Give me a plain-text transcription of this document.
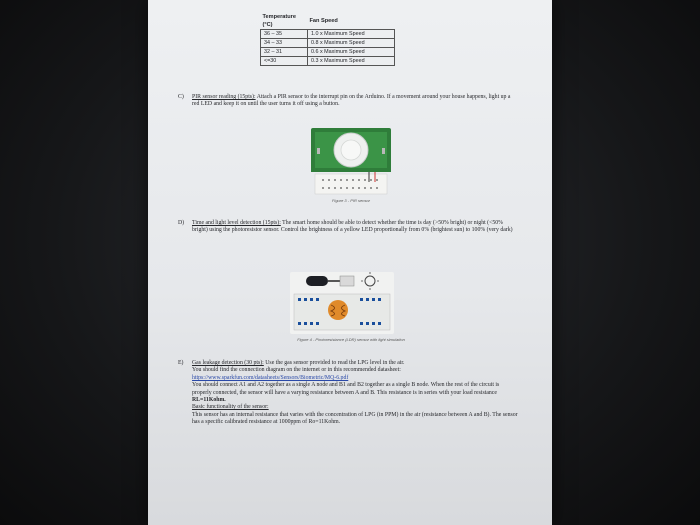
Temperature (°C)	Fan Speed
36 – 35	1.0 x Maximum Speed
34 – 33	0.8 x Maximum Speed
32 – 31	0.6 x Maximum Speed
<=30	0.3 x Maximum Speed
C)	PIR sensor reading (15pts): Attach a PIR sensor to the interrupt pin on the Arduino. If a movement around your house happens, light up a red LED and keep it on until the user turns it off using a button.
Figure 3 - PIR sensor
D)	Time and light level detection (15pts): The smart home should be able to detect whether the time is day (>50% bright) or night (<50% bright) using the photoresistor sensor. Control the brightness of a yellow LED proportionally from 0% (brightest sun) to 100% (very dark)
Figure 4 - Photoresistance (LDR) sensor with light simulation
E)	Gas leakage detection (30 pts): Use the gas sensor provided to read the LPG level in the air.
You should find the connection diagram on the internet or in this recommended datasheet:
https://www.sparkfun.com/datasheets/Sensors/Biometric/MQ-6.pdf
You should connect A1 and A2 together as a single A node and B1 and B2 together as a single B node. When the rest of the circuit is properly connected, the sensor will have a varying resistance between A and B. This resistance is in series with your load resistance
RL=11Kohm.
Basic functionality of the sensor:
This sensor has an internal resistance that varies with the concentration of LPG (in PPM) in the air (resistance between A and B). The sensor has a specific calibrated resistance at 1000ppm of Ro=11Kohm.
